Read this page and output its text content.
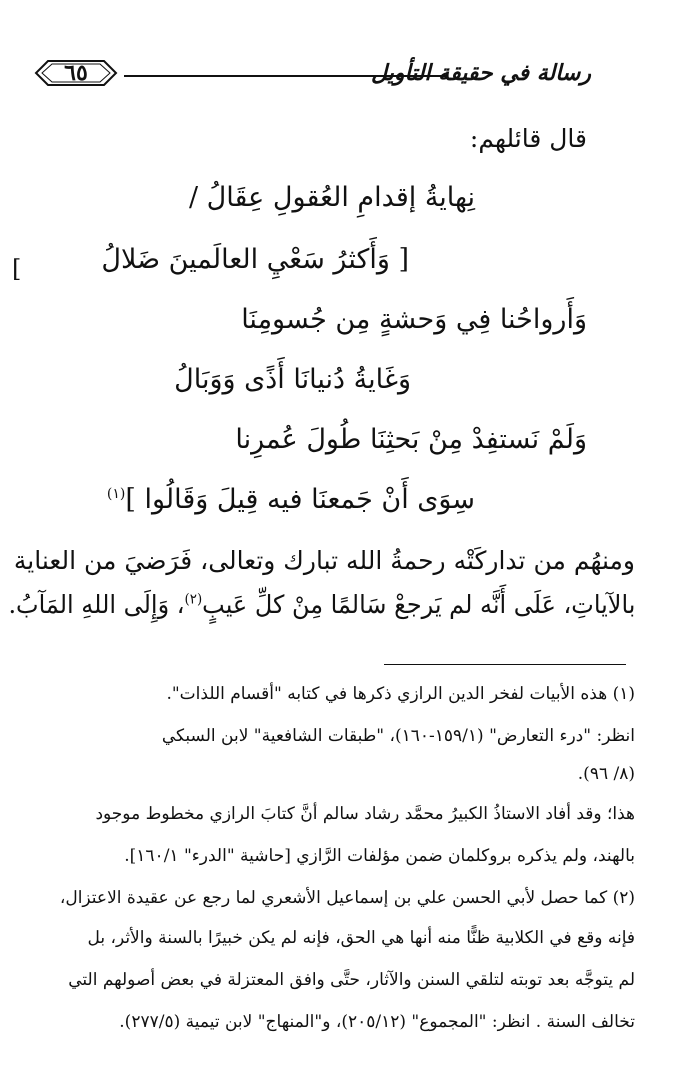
٦٥	رسالة في حقيقة التأويل
قال قائلهم:
نِهايةُ إقدامِ العُقولِ عِقَالُ /
[ وَأَكثرُ سَعْيِ العالَمينَ ضَلالُ
وَأَرواحُنا فِي وَحشةٍ مِن جُسومِنَا
وَغَايةُ دُنيانَا أَذًى وَوَبَالُ
وَلَمْ نَستفِدْ مِنْ بَحثِنَا طُولَ عُمرِنا
سِوَى أَنْ جَمعنَا فيه قِيلَ وَقَالُوا ]$^{(١)}$
[
ومنهُم من تداركَتْه رحمةُ الله تبارك وتعالى، فَرَضيَ من العناية
بالآياتِ، عَلَى أَنَّه لم يَرجعْ سَالمًا مِنْ كلِّ عَيبٍ$^{(٢)}$، وَإِلَى اللهِ المَآبُ.
(١) هذه الأبيات لفخر الدين الرازي ذكرها في كتابه "أقسام اللذات".
انظر: "درء التعارض" (١٥٩/١-١٦٠)، "طبقات الشافعية" لابن السبكي
(٨/ ٩٦).
هذا؛ وقد أفاد الاستاذُ الكبيرُ محمَّد رشاد سالم أنَّ كتابَ الرازي مخطوط موجود
بالهند، ولم يذكره بروكلمان ضمن مؤلفات الرَّازي [حاشية "الدرء" ١٦٠/١].
(٢) كما حصل لأبي الحسن علي بن إسماعيل الأشعري لما رجع عن عقيدة الاعتزال،
فإنه وقع في الكلابية ظنًّا منه أنها هي الحق، فإنه لم يكن خبيرًا بالسنة والأثر، بل
لم يتوجَّه بعد توبته لتلقي السنن والآثار، حتَّى وافق المعتزلة في بعض أصولهم التي
تخالف السنة . انظر: "المجموع" (٢٠٥/١٢)، و"المنهاج" لابن تيمية (٢٧٧/٥).
